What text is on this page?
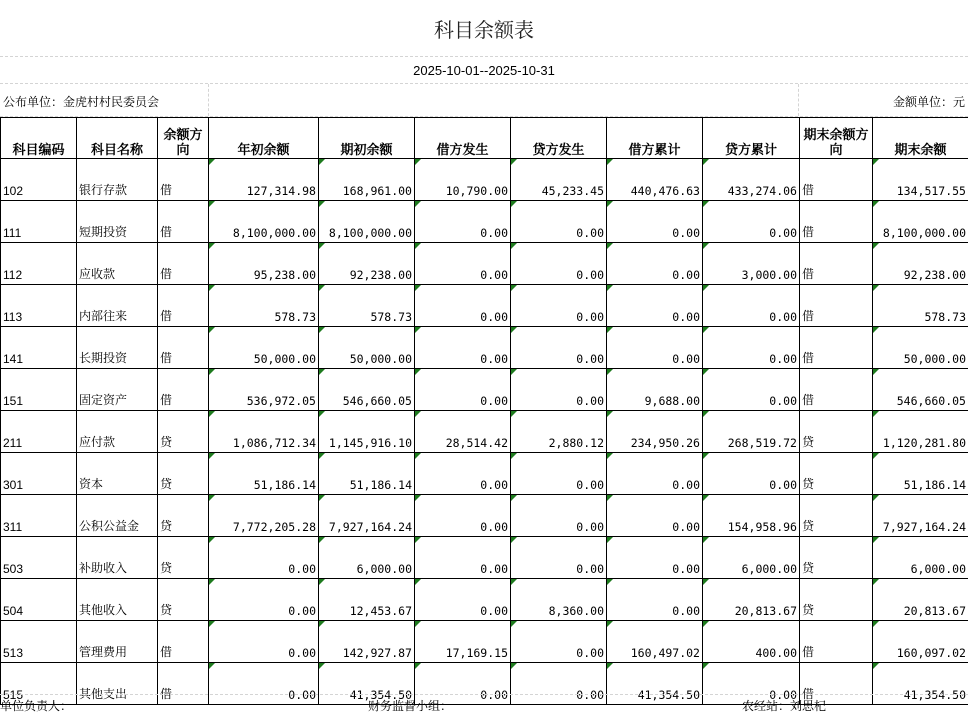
科目余额表
2025-10-01--2025-10-31
公布单位：金虎村村民委员会	金额单位：元
科目编码	科目名称	余额方向	年初余额	期初余额	借方发生	贷方发生	借方累计	贷方累计	期末余额方向	期末余额
102	银行存款	借	127,314.98	168,961.00	10,790.00	45,233.45	440,476.63	433,274.06	借	134,517.55
111	短期投资	借	8,100,000.00	8,100,000.00	0.00	0.00	0.00	0.00	借	8,100,000.00
112	应收款	借	95,238.00	92,238.00	0.00	0.00	0.00	3,000.00	借	92,238.00
113	内部往来	借	578.73	578.73	0.00	0.00	0.00	0.00	借	578.73
141	长期投资	借	50,000.00	50,000.00	0.00	0.00	0.00	0.00	借	50,000.00
151	固定资产	借	536,972.05	546,660.05	0.00	0.00	9,688.00	0.00	借	546,660.05
211	应付款	贷	1,086,712.34	1,145,916.10	28,514.42	2,880.12	234,950.26	268,519.72	贷	1,120,281.80
301	资本	贷	51,186.14	51,186.14	0.00	0.00	0.00	0.00	贷	51,186.14
311	公积公益金	贷	7,772,205.28	7,927,164.24	0.00	0.00	0.00	154,958.96	贷	7,927,164.24
503	补助收入	贷	0.00	6,000.00	0.00	0.00	0.00	6,000.00	贷	6,000.00
504	其他收入	贷	0.00	12,453.67	0.00	8,360.00	0.00	20,813.67	贷	20,813.67
513	管理费用	借	0.00	142,927.87	17,169.15	0.00	160,497.02	400.00	借	160,097.02
515	其他支出	借	0.00	41,354.50	0.00	0.00	41,354.50	0.00	借	41,354.50
单位负责人：	财务监督小组：	农经站：刘思杞
